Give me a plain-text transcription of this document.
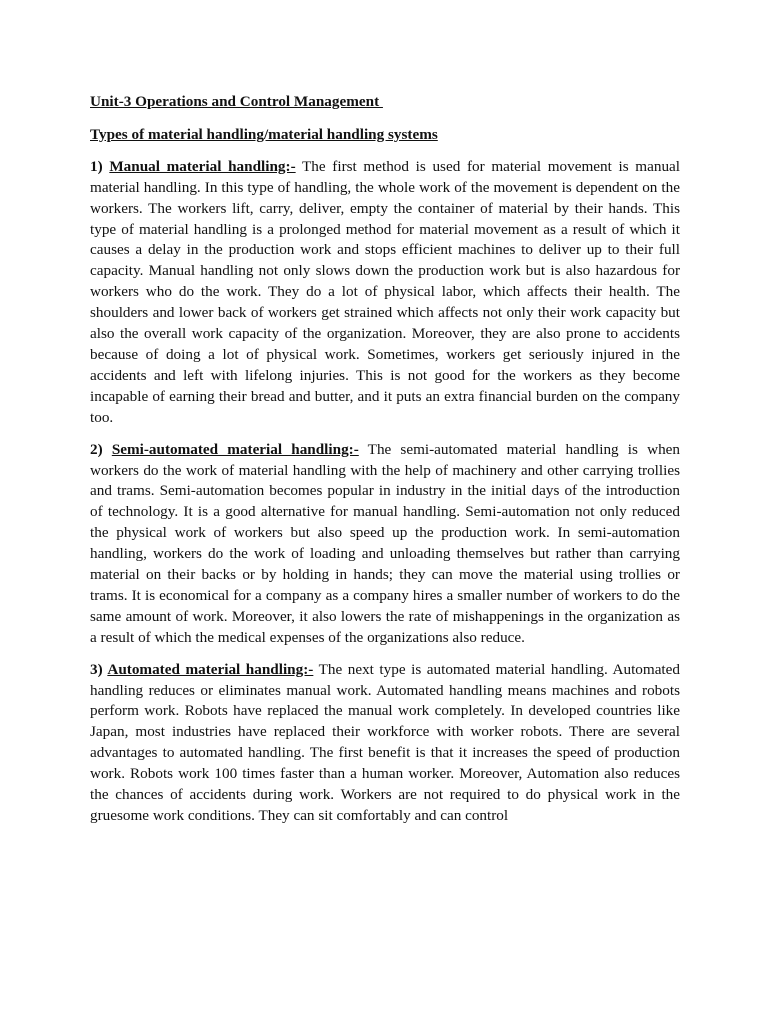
Unit-3 Operations and Control Management
Types of material handling/material handling systems

1) Manual material handling:- The first method is used for material movement is manual material handling. In this type of handling, the whole work of the movement is dependent on the workers. The workers lift, carry, deliver, empty the container of material by their hands. This type of material handling is a prolonged method for material movement as a result of which it causes a delay in the production work and stops efficient machines to deliver up to their full capacity. Manual handling not only slows down the production work but is also hazardous for workers who do the work. They do a lot of physical labor, which affects their health. The shoulders and lower back of workers get strained which affects not only their work capacity but also the overall work capacity of the organization. Moreover, they are also prone to accidents because of doing a lot of physical work. Sometimes, workers get seriously injured in the accidents and left with lifelong injuries. This is not good for the workers as they become incapable of earning their bread and butter, and it puts an extra financial burden on the company too.

2) Semi-automated material handling:- The semi-automated material handling is when workers do the work of material handling with the help of machinery and other carrying trollies and trams. Semi-automation becomes popular in industry in the initial days of the introduction of technology. It is a good alternative for manual handling. Semi-automation not only reduced the physical work of workers but also speed up the production work. In semi-automation handling, workers do the work of loading and unloading themselves but rather than carrying material on their backs or by holding in hands; they can move the material using trollies or trams. It is economical for a company as a company hires a smaller number of workers to do the same amount of work. Moreover, it also lowers the rate of mishappenings in the organization as a result of which the medical expenses of the organizations also reduce.

3) Automated material handling:- The next type is automated material handling. Automated handling reduces or eliminates manual work. Automated handling means machines and robots perform work. Robots have replaced the manual work completely. In developed countries like Japan, most industries have replaced their workforce with worker robots. There are several advantages to automated handling. The first benefit is that it increases the speed of production work. Robots work 100 times faster than a human worker. Moreover, Automation also reduces the chances of accidents during work. Workers are not required to do physical work in the gruesome work conditions. They can sit comfortably and can control
